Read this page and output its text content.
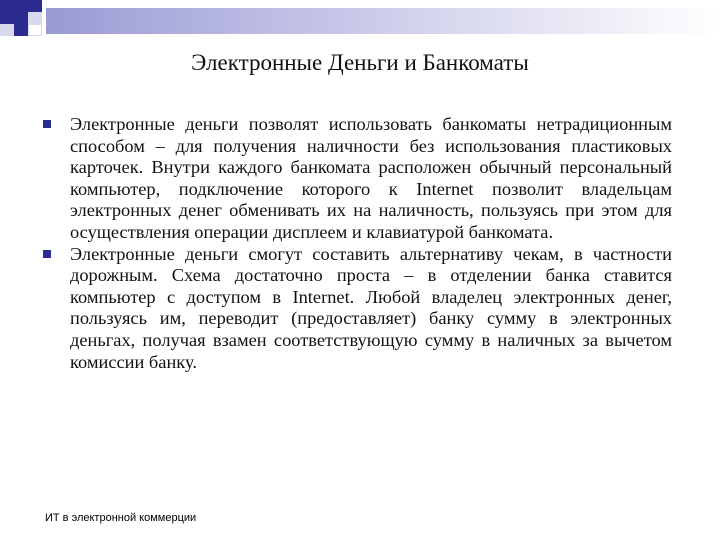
Электронные Деньги и Банкоматы
Электронные деньги позволят использовать банкоматы нетрадиционным способом – для получения наличности без использования пластиковых карточек. Внутри каждого банкомата расположен обычный персональный компьютер, подключение которого к Internet позволит владельцам электронных денег обменивать их на наличность, пользуясь при этом для осуществления операции дисплеем и клавиатурой банкомата.
Электронные деньги смогут составить альтернативу чекам, в частности дорожным. Схема достаточно проста – в отделении банка ставится компьютер с доступом в Internet. Любой владелец электронных денег, пользуясь им, переводит (предоставляет) банку сумму в электронных деньгах, получая взамен соответствующую сумму в наличных за вычетом комиссии банку.
ИТ в электронной коммерции
